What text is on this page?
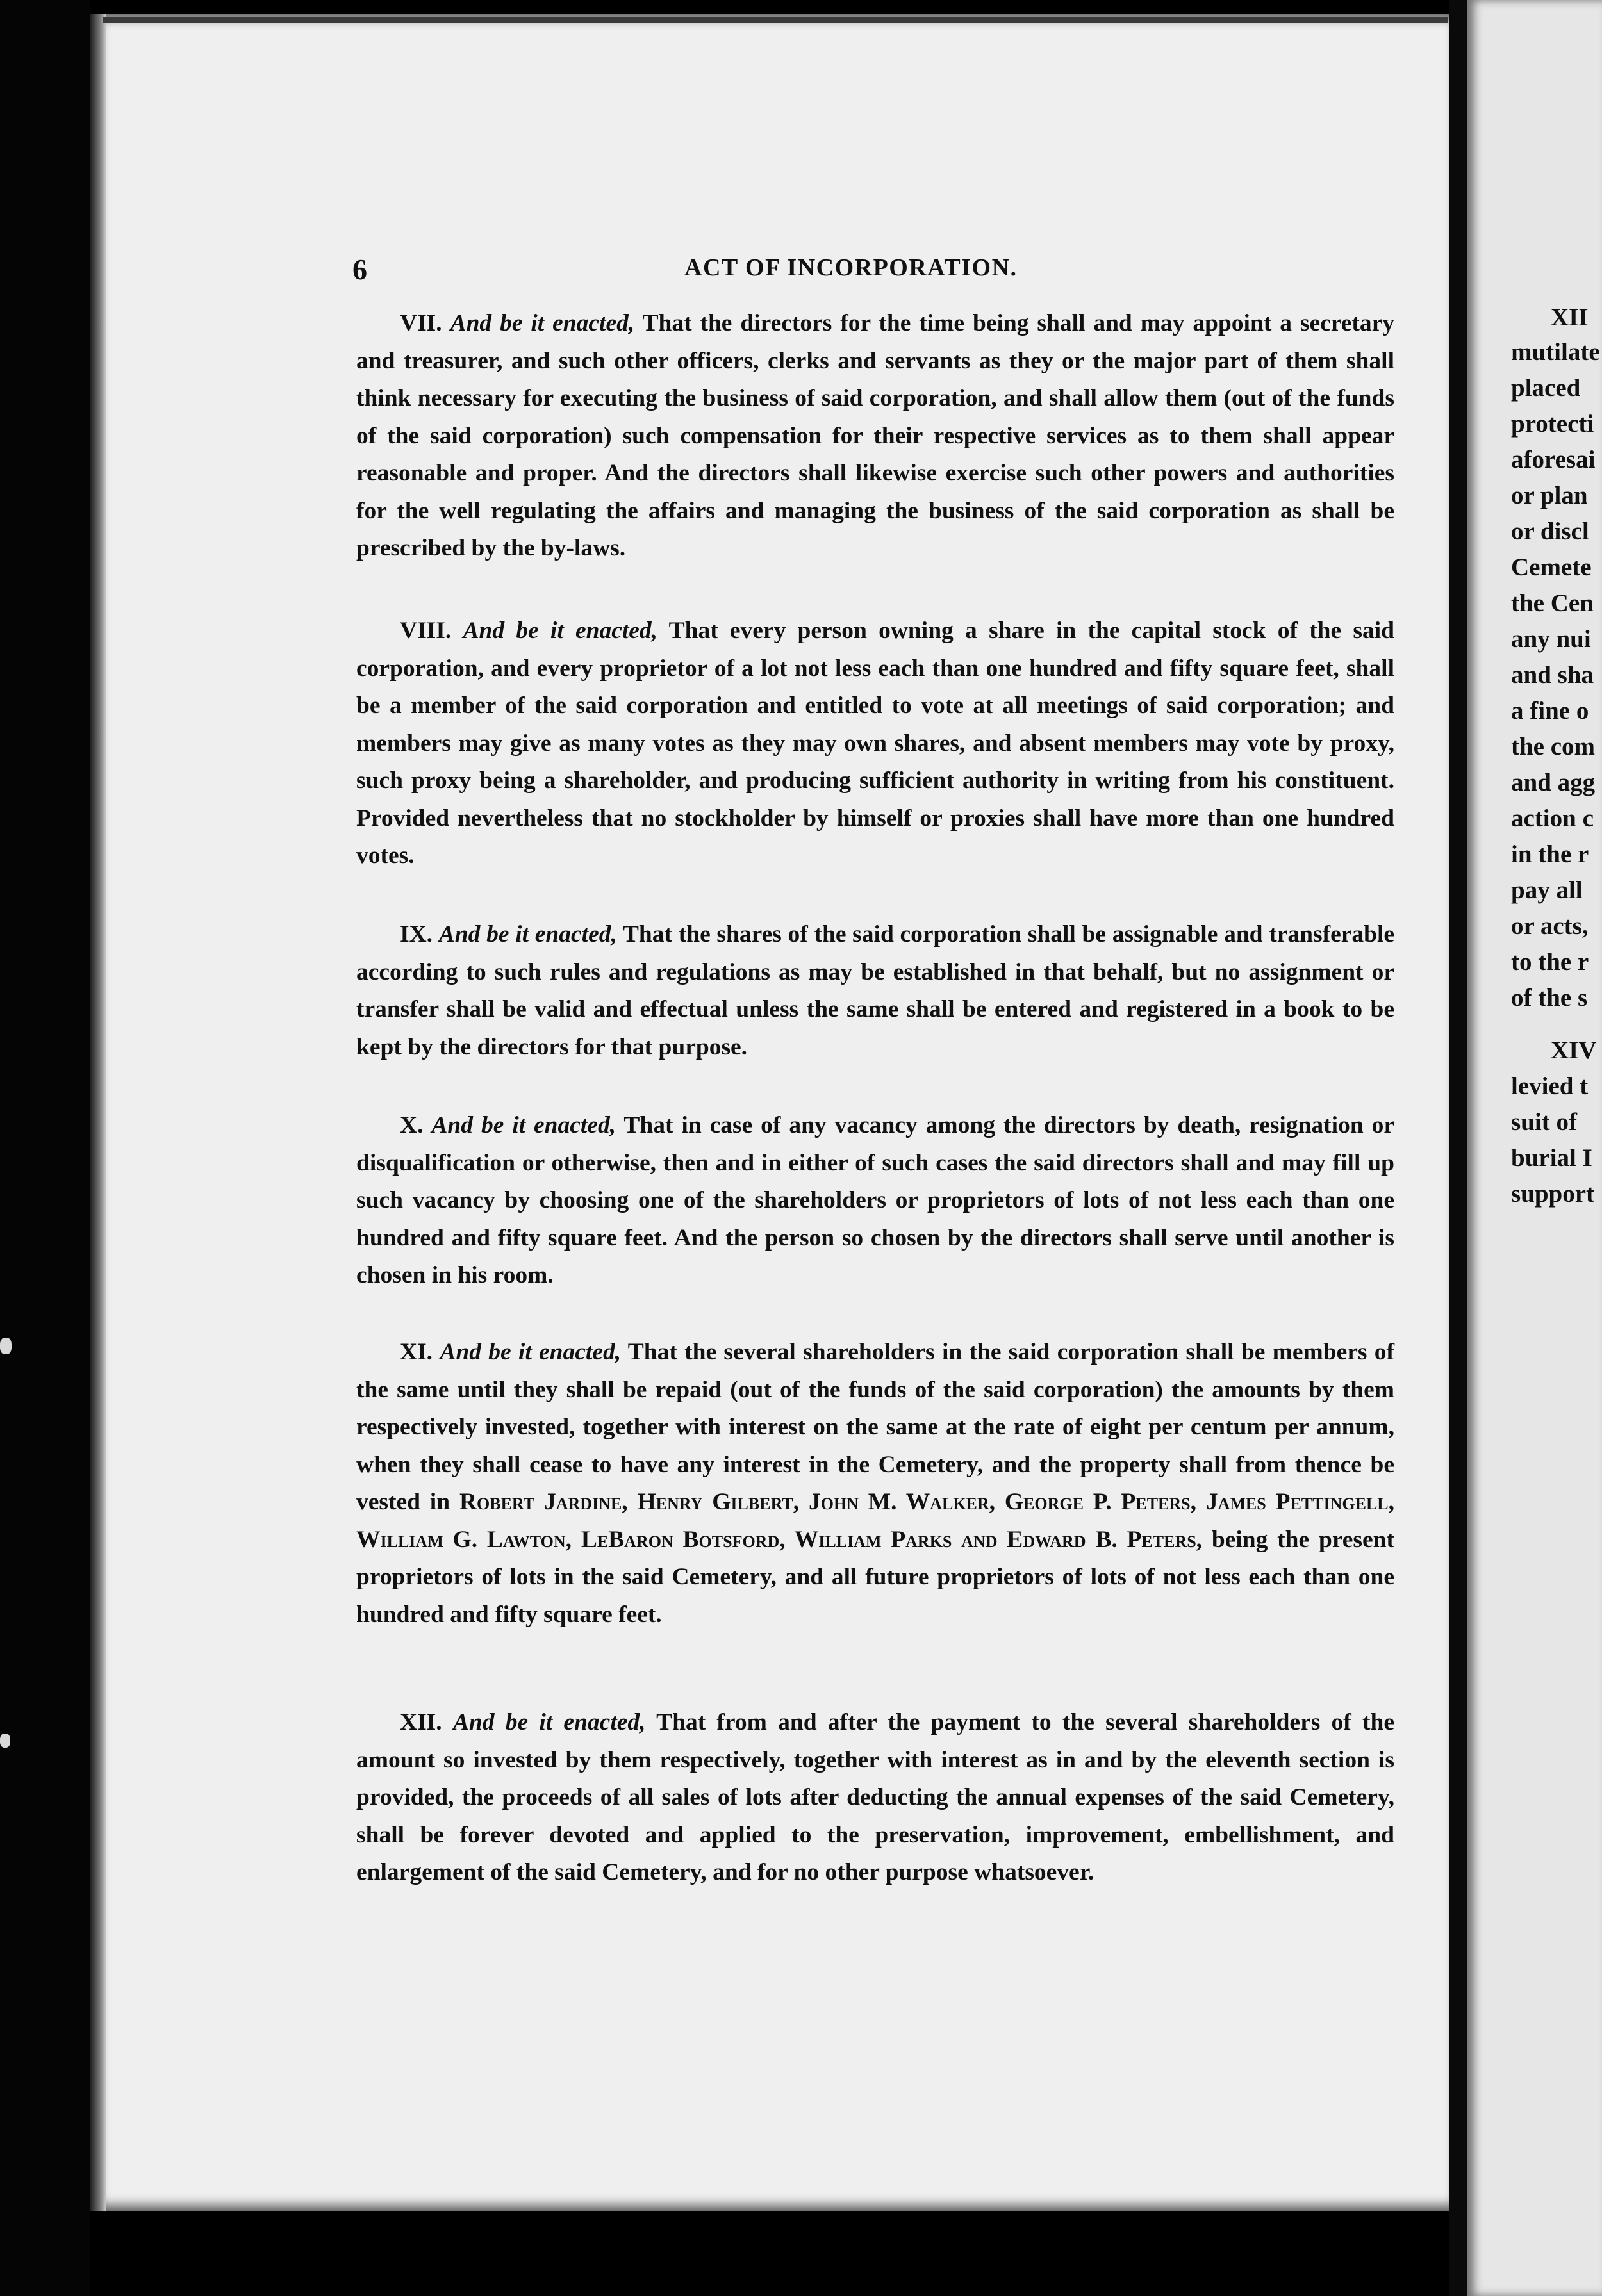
XII
mutilate
placed
protecti
aforesai
or plan
or discl
Cemete
the Cen
any nui
and sha
a fine o
the com
and agg
action c
in the r
pay all
or acts,
to the r
of the s
XIV
levied t
suit of
burial I
support
6	ACT OF INCORPORATION.
VII. And be it enacted, That the directors for the time being shall and may appoint a secretary and treasurer, and such other officers, clerks and servants as they or the major part of them shall think necessary for executing the business of said corporation, and shall allow them (out of the funds of the said corporation) such compensation for their respective services as to them shall appear reasonable and proper. And the directors shall likewise exercise such other powers and authorities for the well regulating the affairs and managing the business of the said corporation as shall be prescribed by the by-laws.
VIII. And be it enacted, That every person owning a share in the capital stock of the said corporation, and every proprietor of a lot not less each than one hundred and fifty square feet, shall be a member of the said corporation and entitled to vote at all meetings of said corporation; and members may give as many votes as they may own shares, and absent members may vote by proxy, such proxy being a shareholder, and producing sufficient authority in writing from his constituent. Provided nevertheless that no stockholder by himself or proxies shall have more than one hundred votes.
IX. And be it enacted, That the shares of the said corporation shall be assignable and transferable according to such rules and regulations as may be established in that behalf, but no assignment or transfer shall be valid and effectual unless the same shall be entered and registered in a book to be kept by the directors for that purpose.
X. And be it enacted, That in case of any vacancy among the directors by death, resignation or disqualification or otherwise, then and in either of such cases the said directors shall and may fill up such vacancy by choosing one of the shareholders or proprietors of lots of not less each than one hundred and fifty square feet. And the person so chosen by the directors shall serve until another is chosen in his room.
XI. And be it enacted, That the several shareholders in the said corporation shall be members of the same until they shall be repaid (out of the funds of the said corporation) the amounts by them respectively invested, together with interest on the same at the rate of eight per centum per annum, when they shall cease to have any interest in the Cemetery, and the property shall from thence be vested in Robert Jardine, Henry Gilbert, John M. Walker, George P. Peters, James Pettingell, William G. Lawton, LeBaron Botsford, William Parks and Edward B. Peters, being the present proprietors of lots in the said Cemetery, and all future proprietors of lots of not less each than one hundred and fifty square feet.
XII. And be it enacted, That from and after the payment to the several shareholders of the amount so invested by them respectively, together with interest as in and by the eleventh section is provided, the proceeds of all sales of lots after deducting the annual expenses of the said Cemetery, shall be forever devoted and applied to the preservation, improvement, embellishment, and enlargement of the said Cemetery, and for no other purpose whatsoever.
